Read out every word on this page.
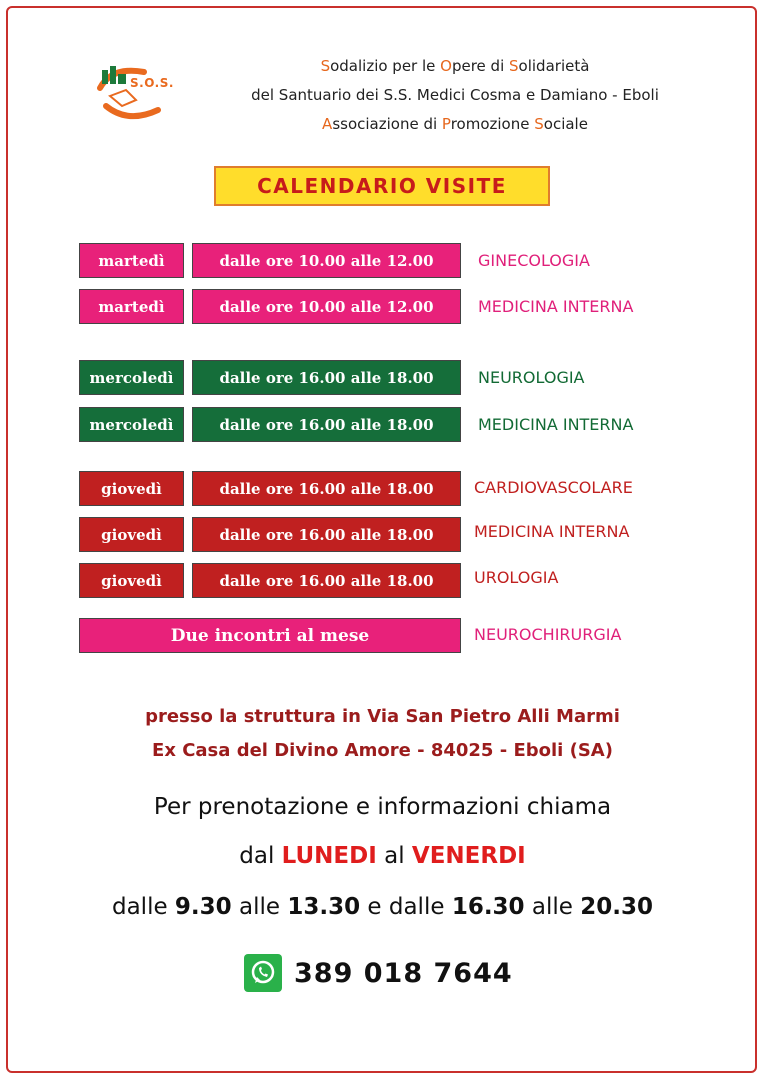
S.O.S.
Sodalizio per le Opere di Solidarietà
del Santuario dei S.S. Medici Cosma e Damiano - Eboli
Associazione di Promozione Sociale
CALENDARIO VISITE
martedì	dalle ore 10.00 alle 12.00	GINECOLOGIA
martedì	dalle ore 10.00 alle 12.00	MEDICINA INTERNA
mercoledì	dalle ore 16.00 alle 18.00	NEUROLOGIA
mercoledì	dalle ore 16.00 alle 18.00	MEDICINA INTERNA
giovedì	dalle ore 16.00 alle 18.00	CARDIOVASCOLARE
giovedì	dalle ore 16.00 alle 18.00	MEDICINA INTERNA
giovedì	dalle ore 16.00 alle 18.00	UROLOGIA
Due incontri al mese	NEUROCHIRURGIA
presso la struttura in Via San Pietro Alli Marmi
Ex Casa del Divino Amore - 84025 - Eboli (SA)
Per prenotazione e informazioni chiama
dal LUNEDI al VENERDI
dalle 9.30 alle 13.30 e dalle 16.30 alle 20.30
389 018 7644
